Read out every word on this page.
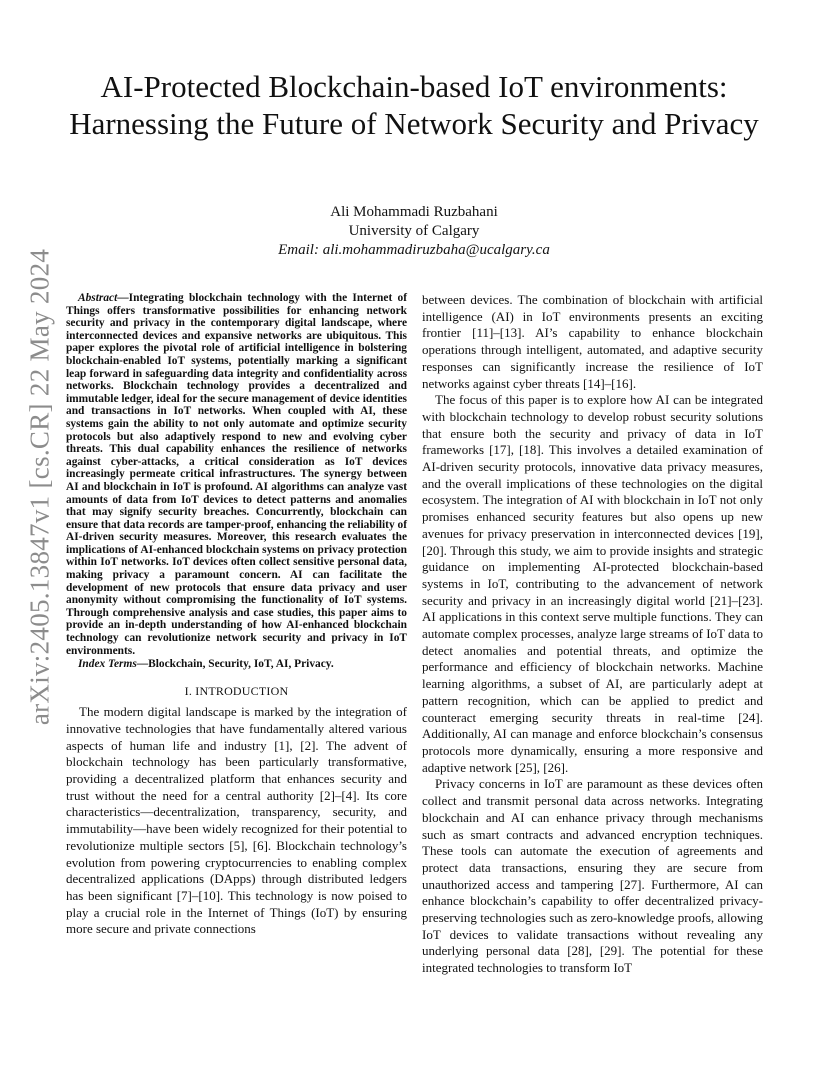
AI-Protected Blockchain-based IoT environments: Harnessing the Future of Network Security and Privacy
Ali Mohammadi Ruzbahani
University of Calgary
Email: ali.mohammadiruzbaha@ucalgary.ca
arXiv:2405.13847v1 [cs.CR] 22 May 2024	Abstract—Integrating blockchain technology with the Internet of Things offers transformative possibilities for enhancing network security and privacy in the contemporary digital landscape, where interconnected devices and expansive networks are ubiquitous. This paper explores the pivotal role of artificial intelligence in bolstering blockchain-enabled IoT systems, potentially marking a significant leap forward in safeguarding data integrity and confidentiality across networks. Blockchain technology provides a decentralized and immutable ledger, ideal for the secure management of device identities and transactions in IoT networks. When coupled with AI, these systems gain the ability to not only automate and optimize security protocols but also adaptively respond to new and evolving cyber threats. This dual capability enhances the resilience of networks against cyber-attacks, a critical consideration as IoT devices increasingly permeate critical infrastructures. The synergy between AI and blockchain in IoT is profound. AI algorithms can analyze vast amounts of data from IoT devices to detect patterns and anomalies that may signify security breaches. Concurrently, blockchain can ensure that data records are tamper-proof, enhancing the reliability of AI-driven security measures. Moreover, this research evaluates the implications of AI-enhanced blockchain systems on privacy protection within IoT networks. IoT devices often collect sensitive personal data, making privacy a paramount concern. AI can facilitate the development of new protocols that ensure data privacy and user anonymity without compromising the functionality of IoT systems. Through comprehensive analysis and case studies, this paper aims to provide an in-depth understanding of how AI-enhanced blockchain technology can revolutionize network security and privacy in IoT environments.

Index Terms—Blockchain, Security, IoT, AI, Privacy.

I. INTRODUCTION

The modern digital landscape is marked by the integration of innovative technologies that have fundamentally altered various aspects of human life and industry [1], [2]. The advent of blockchain technology has been particularly transformative, providing a decentralized platform that enhances security and trust without the need for a central authority [2]–[4]. Its core characteristics—decentralization, transparency, security, and immutability—have been widely recognized for their potential to revolutionize multiple sectors [5], [6]. Blockchain technology’s evolution from powering cryptocurrencies to enabling complex decentralized applications (DApps) through distributed ledgers has been significant [7]–[10]. This technology is now poised to play a crucial role in the Internet of Things (IoT) by ensuring more secure and private connections

between devices. The combination of blockchain with artificial intelligence (AI) in IoT environments presents an exciting frontier [11]–[13]. AI’s capability to enhance blockchain operations through intelligent, automated, and adaptive security responses can significantly increase the resilience of IoT networks against cyber threats [14]–[16].

The focus of this paper is to explore how AI can be integrated with blockchain technology to develop robust security solutions that ensure both the security and privacy of data in IoT frameworks [17], [18]. This involves a detailed examination of AI-driven security protocols, innovative data privacy measures, and the overall implications of these technologies on the digital ecosystem. The integration of AI with blockchain in IoT not only promises enhanced security features but also opens up new avenues for privacy preservation in interconnected devices [19], [20]. Through this study, we aim to provide insights and strategic guidance on implementing AI-protected blockchain-based systems in IoT, contributing to the advancement of network security and privacy in an increasingly digital world [21]–[23]. AI applications in this context serve multiple functions. They can automate complex processes, analyze large streams of IoT data to detect anomalies and potential threats, and optimize the performance and efficiency of blockchain networks. Machine learning algorithms, a subset of AI, are particularly adept at pattern recognition, which can be applied to predict and counteract emerging security threats in real-time [24]. Additionally, AI can manage and enforce blockchain’s consensus protocols more dynamically, ensuring a more responsive and adaptive network [25], [26].

Privacy concerns in IoT are paramount as these devices often collect and transmit personal data across networks. Integrating blockchain and AI can enhance privacy through mechanisms such as smart contracts and advanced encryption techniques. These tools can automate the execution of agreements and protect data transactions, ensuring they are secure from unauthorized access and tampering [27]. Furthermore, AI can enhance blockchain’s capability to offer decentralized privacy-preserving technologies such as zero-knowledge proofs, allowing IoT devices to validate transactions without revealing any underlying personal data [28], [29]. The potential for these integrated technologies to transform IoT
